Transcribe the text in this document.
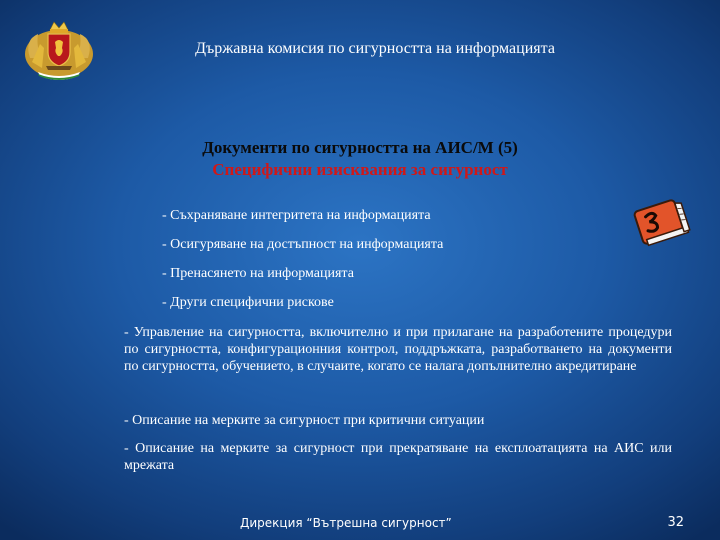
Държавна комисия по сигурността на информацията
Документи по сигурността на АИС/М (5)
Специфични изисквания за сигурност
- Съхраняване интегритета на информацията
- Осигуряване на достъпност на информацията
- Пренасянето на информацията
- Други специфични рискове
- Управление на сигурността, включително и при прилагане на разработените процедури по сигурността, конфигурационния контрол, поддръжката, разработването на документи по сигурността, обучението, в случаите, когато се налага допълнително акредитиране
- Описание на мерките за сигурност при критични ситуации
- Описание на мерките за сигурност при прекратяване на експлоатацията на АИС или мрежата
Дирекция “Вътрешна сигурност”	32
